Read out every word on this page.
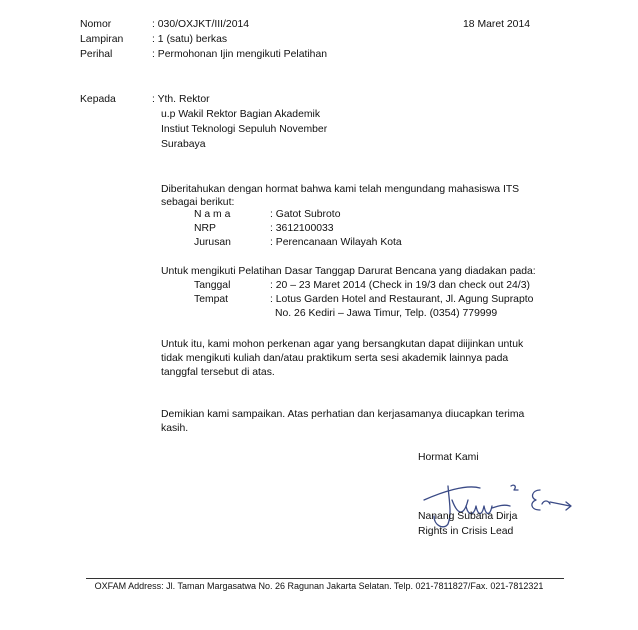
Nomor	: 030/OXJKT/III/2014	18 Maret 2014
Lampiran	: 1 (satu) berkas
Perihal	: Permohonan Ijin mengikuti Pelatihan
Kepada	: Yth. Rektor
u.p Wakil Rektor Bagian Akademik
Instiut Teknologi Sepuluh November
Surabaya
Diberitahukan dengan hormat bahwa kami telah mengundang mahasiswa ITS
sebagai berikut:
N a m a	: Gatot Subroto
NRP	: 3612100033
Jurusan	: Perencanaan Wilayah Kota
Untuk mengikuti Pelatihan Dasar Tanggap Darurat Bencana yang diadakan pada:
Tanggal	: 20 – 23 Maret 2014 (Check in 19/3 dan check out 24/3)
Tempat	: Lotus Garden Hotel and Restaurant, Jl. Agung Suprapto
No. 26 Kediri – Jawa Timur, Telp. (0354) 779999
Untuk itu, kami mohon perkenan agar yang bersangkutan dapat diijinkan untuk
tidak mengikuti kuliah dan/atau praktikum serta sesi akademik lainnya pada
tanggfal tersebut di atas.
Demikian kami sampaikan. Atas perhatian dan kerjasamanya diucapkan terima
kasih.
Hormat Kami
Nanang Subana Dirja
Rights in Crisis Lead
OXFAM Address: Jl. Taman Margasatwa No. 26 Ragunan Jakarta Selatan. Telp. 021-7811827/Fax. 021-7812321
